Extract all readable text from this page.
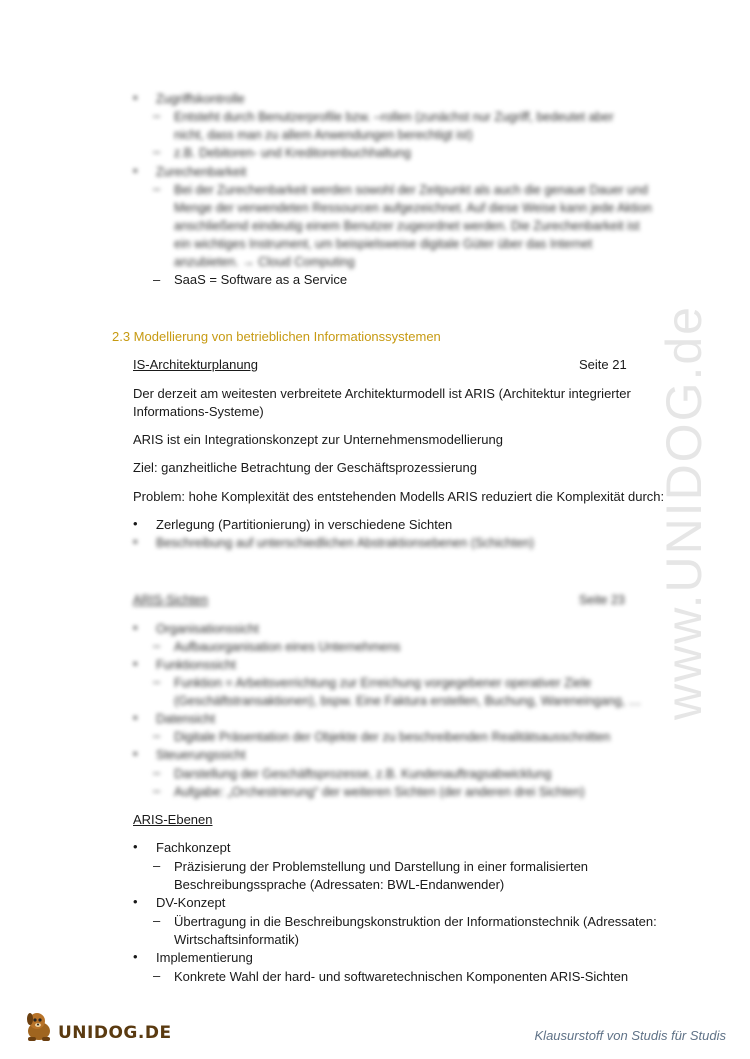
www.UNIDOG.de
• Zugriffskontrolle
– Entsteht durch Benutzerprofile bzw. –rollen (zunächst nur Zugriff, bedeutet aber
nicht, dass man zu allem Anwendungen berechtigt ist)
– z.B. Debitoren- und Kreditorenbuchhaltung
• Zurechenbarkeit
– Bei der Zurechenbarkeit werden sowohl der Zeitpunkt als auch die genaue Dauer und
Menge der verwendeten Ressourcen aufgezeichnet. Auf diese Weise kann jede Aktion
anschließend eindeutig einem Benutzer zugeordnet werden. Die Zurechenbarkeit ist
ein wichtiges Instrument, um beispielsweise digitale Güter über das Internet
anzubieten. → Cloud Computing
– SaaS = Software as a Service
2.3 Modellierung von betrieblichen Informationssystemen
IS-Architekturplanung	Seite 21
Der derzeit am weitesten verbreitete Architekturmodell ist ARIS (Architektur integrierter
Informations-Systeme)
ARIS ist ein Integrationskonzept zur Unternehmensmodellierung
Ziel: ganzheitliche Betrachtung der Geschäftsprozessierung
Problem: hohe Komplexität des entstehenden Modells ARIS reduziert die Komplexität durch:
• Zerlegung (Partitionierung) in verschiedene Sichten
• Beschreibung auf unterschiedlichen Abstraktionsebenen (Schichten)
ARIS-Sichten	Seite 23
• Organisationssicht
– Aufbauorganisation eines Unternehmens
• Funktionssicht
– Funktion = Arbeitsverrichtung zur Erreichung vorgegebener operativer Ziele
(Geschäftstransaktionen), bspw. Eine Faktura erstellen, Buchung, Wareneingang, …
• Datensicht
– Digitale Präsentation der Objekte der zu beschreibenden Realitätsausschnitten
• Steuerungssicht
– Darstellung der Geschäftsprozesse, z.B. Kundenauftragsabwicklung
– Aufgabe: „Orchestrierung“ der weiteren Sichten (der anderen drei Sichten)
ARIS-Ebenen
• Fachkonzept
– Präzisierung der Problemstellung und Darstellung in einer formalisierten
Beschreibungssprache (Adressaten: BWL-Endanwender)
• DV-Konzept
– Übertragung in die Beschreibungskonstruktion der Informationstechnik (Adressaten:
Wirtschaftsinformatik)
• Implementierung
– Konkrete Wahl der hard- und softwaretechnischen Komponenten ARIS-Sichten
UNIDOG.DE	Klausurstoff von Studis für Studis
